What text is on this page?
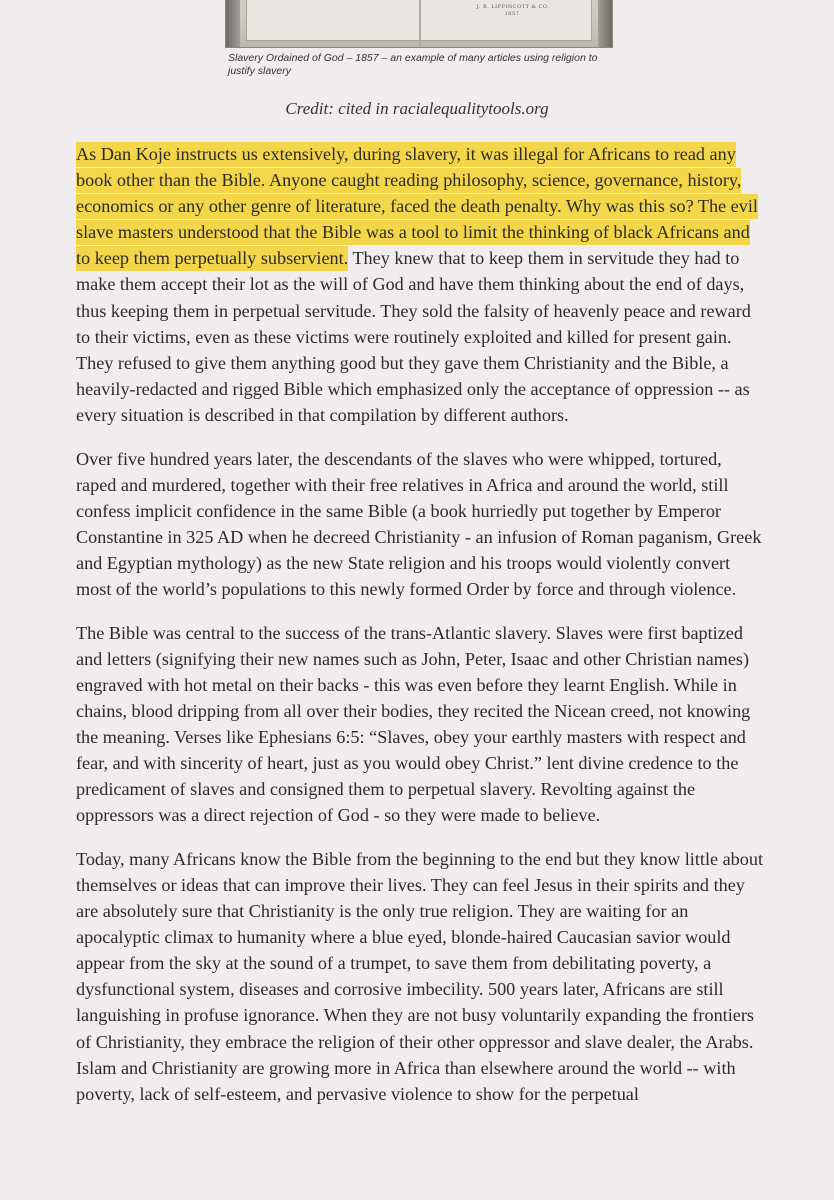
J. B. LIPPINCOTT & CO.
1857.
Slavery Ordained of God – 1857 – an example of many articles using religion to justify slavery
Credit: cited in racialequalitytools.org

As Dan Koje instructs us extensively, during slavery, it was illegal for Africans to read any book other than the Bible. Anyone caught reading philosophy, science, governance, history, economics or any other genre of literature, faced the death penalty. Why was this so? The evil slave masters understood that the Bible was a tool to limit the thinking of black Africans and to keep them perpetually subservient. They knew that to keep them in servitude they had to make them accept their lot as the will of God and have them thinking about the end of days, thus keeping them in perpetual servitude. They sold the falsity of heavenly peace and reward to their victims, even as these victims were routinely exploited and killed for present gain. They refused to give them anything good but they gave them Christianity and the Bible, a heavily-redacted and rigged Bible which emphasized only the acceptance of oppression -- as every situation is described in that compilation by different authors.

Over five hundred years later, the descendants of the slaves who were whipped, tortured, raped and murdered, together with their free relatives in Africa and around the world, still confess implicit confidence in the same Bible (a book hurriedly put together by Emperor Constantine in 325 AD when he decreed Christianity - an infusion of Roman paganism, Greek and Egyptian mythology) as the new State religion and his troops would violently convert most of the world’s populations to this newly formed Order by force and through violence.

The Bible was central to the success of the trans-Atlantic slavery. Slaves were first baptized and letters (signifying their new names such as John, Peter, Isaac and other Christian names) engraved with hot metal on their backs - this was even before they learnt English. While in chains, blood dripping from all over their bodies, they recited the Nicean creed, not knowing the meaning. Verses like Ephesians 6:5: “Slaves, obey your earthly masters with respect and fear, and with sincerity of heart, just as you would obey Christ.” lent divine credence to the predicament of slaves and consigned them to perpetual slavery. Revolting against the oppressors was a direct rejection of God - so they were made to believe.

Today, many Africans know the Bible from the beginning to the end but they know little about themselves or ideas that can improve their lives. They can feel Jesus in their spirits and they are absolutely sure that Christianity is the only true religion. They are waiting for an apocalyptic climax to humanity where a blue eyed, blonde-haired Caucasian savior would appear from the sky at the sound of a trumpet, to save them from debilitating poverty, a dysfunctional system, diseases and corrosive imbecility. 500 years later, Africans are still languishing in profuse ignorance. When they are not busy voluntarily expanding the frontiers of Christianity, they embrace the religion of their other oppressor and slave dealer, the Arabs. Islam and Christianity are growing more in Africa than elsewhere around the world -- with poverty, lack of self-esteem, and pervasive violence to show for the perpetual
